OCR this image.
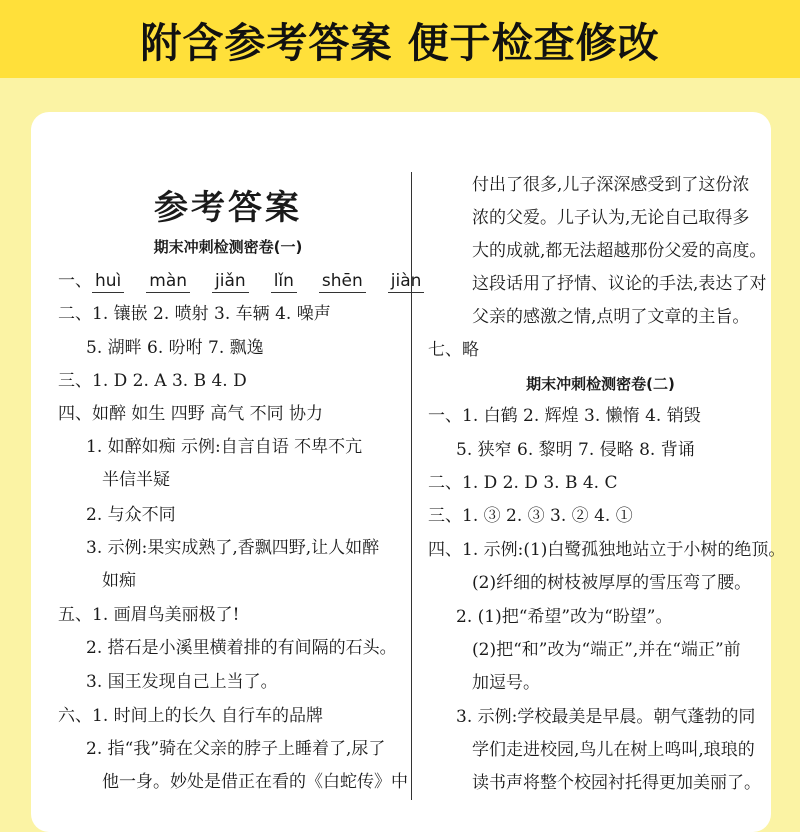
附含参考答案 便于检查修改
参考答案
期末冲刺检测密卷(一)
一、 huì màn jiǎn lǐn shēn jiàn
二、1. 镶嵌 2. 喷射 3. 车辆 4. 噪声
5. 湖畔 6. 吩咐 7. 飘逸
三、1. D 2. A 3. B 4. D
四、如醉 如生 四野 高气 不同 协力
1. 如醉如痴 示例:自言自语 不卑不亢
半信半疑
2. 与众不同
3. 示例:果实成熟了,香飘四野,让人如醉
如痴
五、1. 画眉鸟美丽极了!
2. 搭石是小溪里横着排的有间隔的石头。
3. 国王发现自己上当了。
六、1. 时间上的长久 自行车的品牌
2. 指“我”骑在父亲的脖子上睡着了,尿了
他一身。妙处是借正在看的《白蛇传》中
付出了很多,儿子深深感受到了这份浓
浓的父爱。儿子认为,无论自己取得多
大的成就,都无法超越那份父爱的高度。
这段话用了抒情、议论的手法,表达了对
父亲的感激之情,点明了文章的主旨。
七、略
期末冲刺检测密卷(二)
一、1. 白鹤 2. 辉煌 3. 懒惰 4. 销毁
5. 狭窄 6. 黎明 7. 侵略 8. 背诵
二、1. D 2. D 3. B 4. C
三、1. ③ 2. ③ 3. ② 4. ①
四、1. 示例:(1)白鹭孤独地站立于小树的绝顶。
(2)纤细的树枝被厚厚的雪压弯了腰。
2. (1)把“希望”改为“盼望”。
(2)把“和”改为“端正”,并在“端正”前
加逗号。
3. 示例:学校最美是早晨。朝气蓬勃的同
学们走进校园,鸟儿在树上鸣叫,琅琅的
读书声将整个校园衬托得更加美丽了。
